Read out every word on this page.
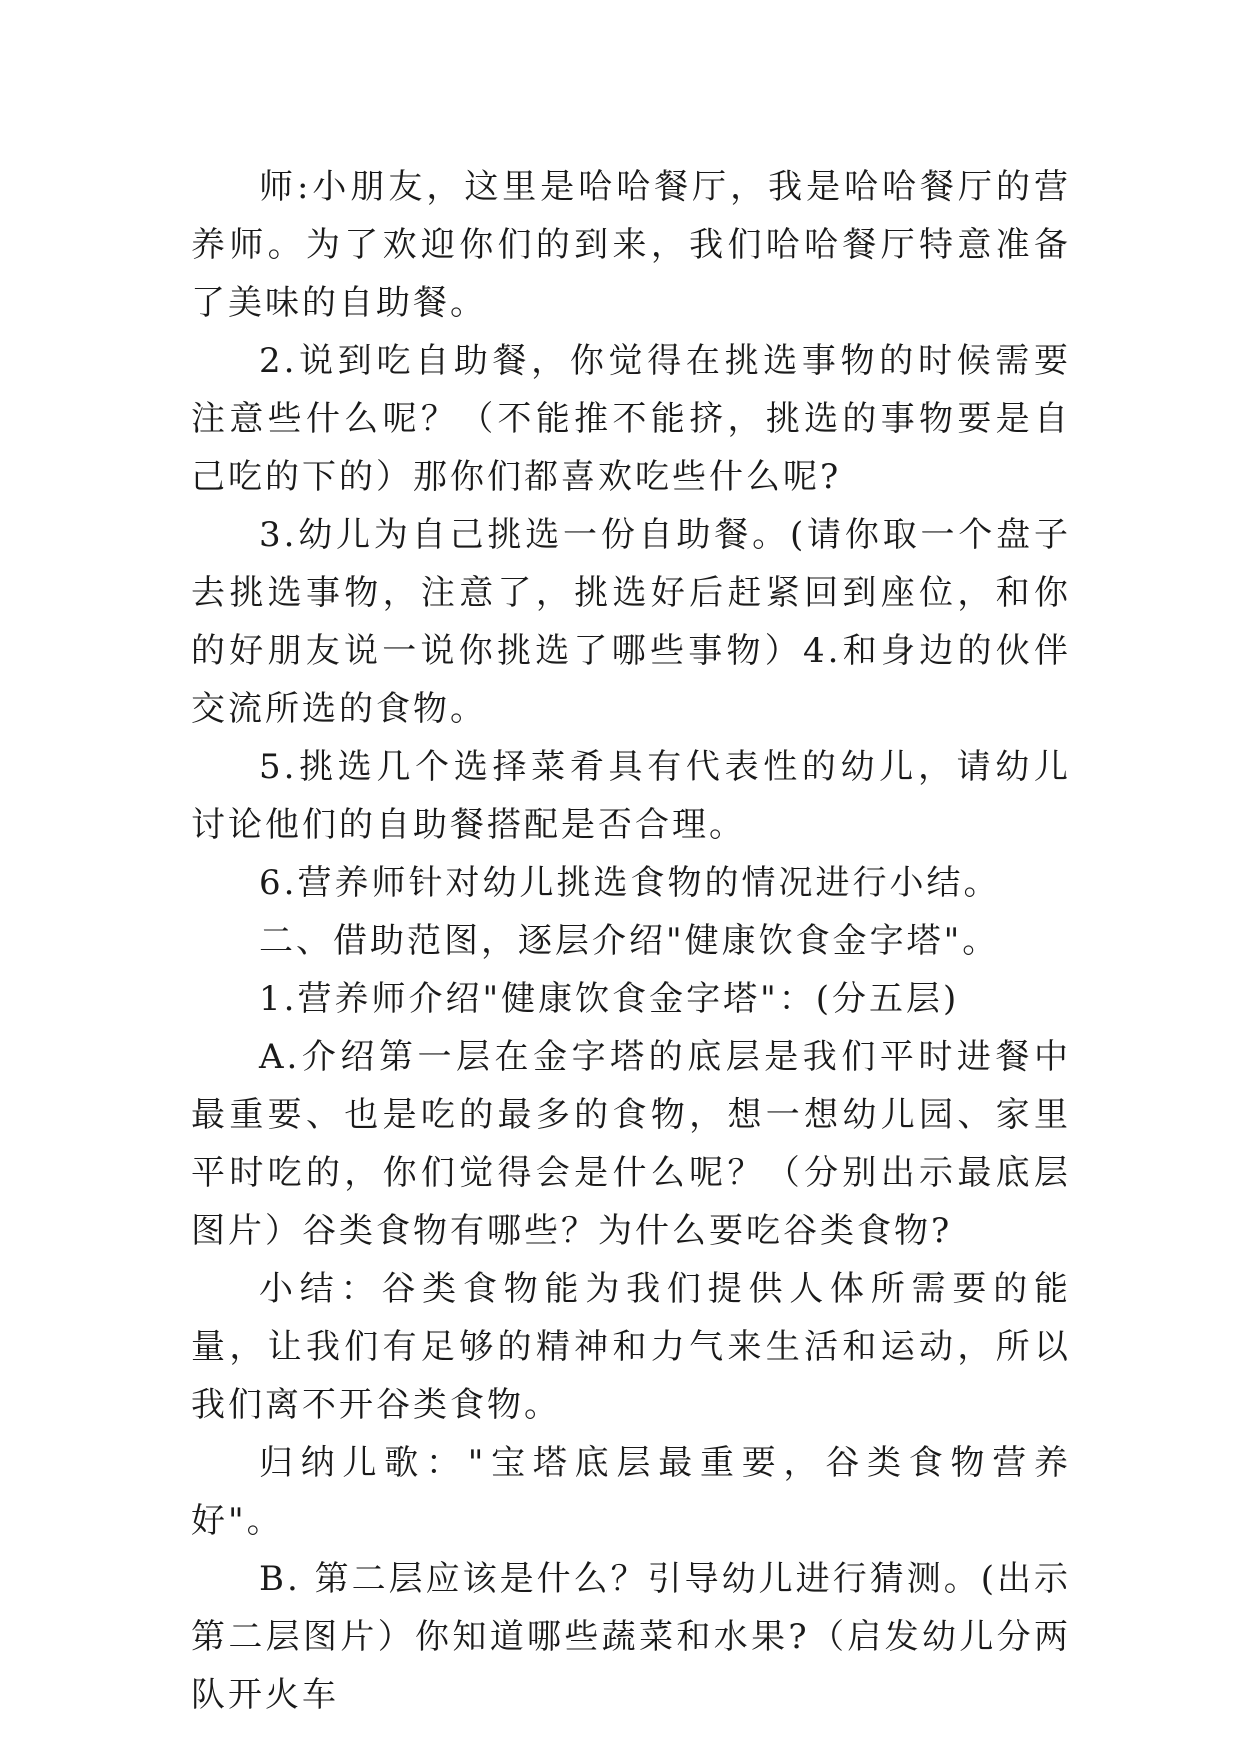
师:小朋友，这里是哈哈餐厅，我是哈哈餐厅的营养师。为了欢迎你们的到来，我们哈哈餐厅特意准备了美味的自助餐。

2.说到吃自助餐，你觉得在挑选事物的时候需要注意些什么呢？（不能推不能挤，挑选的事物要是自己吃的下的）那你们都喜欢吃些什么呢?

3.幼儿为自己挑选一份自助餐。(请你取一个盘子去挑选事物，注意了，挑选好后赶紧回到座位，和你的好朋友说一说你挑选了哪些事物）4.和身边的伙伴交流所选的食物。

5.挑选几个选择菜肴具有代表性的幼儿，请幼儿讨论他们的自助餐搭配是否合理。

6.营养师针对幼儿挑选食物的情况进行小结。

二、借助范图，逐层介绍"健康饮食金字塔"。

1.营养师介绍"健康饮食金字塔"：(分五层)

A.介绍第一层在金字塔的底层是我们平时进餐中最重要、也是吃的最多的食物，想一想幼儿园、家里平时吃的，你们觉得会是什么呢？（分别出示最底层图片）谷类食物有哪些？为什么要吃谷类食物?

小结：谷类食物能为我们提供人体所需要的能量，让我们有足够的精神和力气来生活和运动，所以我们离不开谷类食物。

归纳儿歌："宝塔底层最重要，谷类食物营养好"。

B. 第二层应该是什么？引导幼儿进行猜测。(出示第二层图片）你知道哪些蔬菜和水果?（启发幼儿分两队开火车
